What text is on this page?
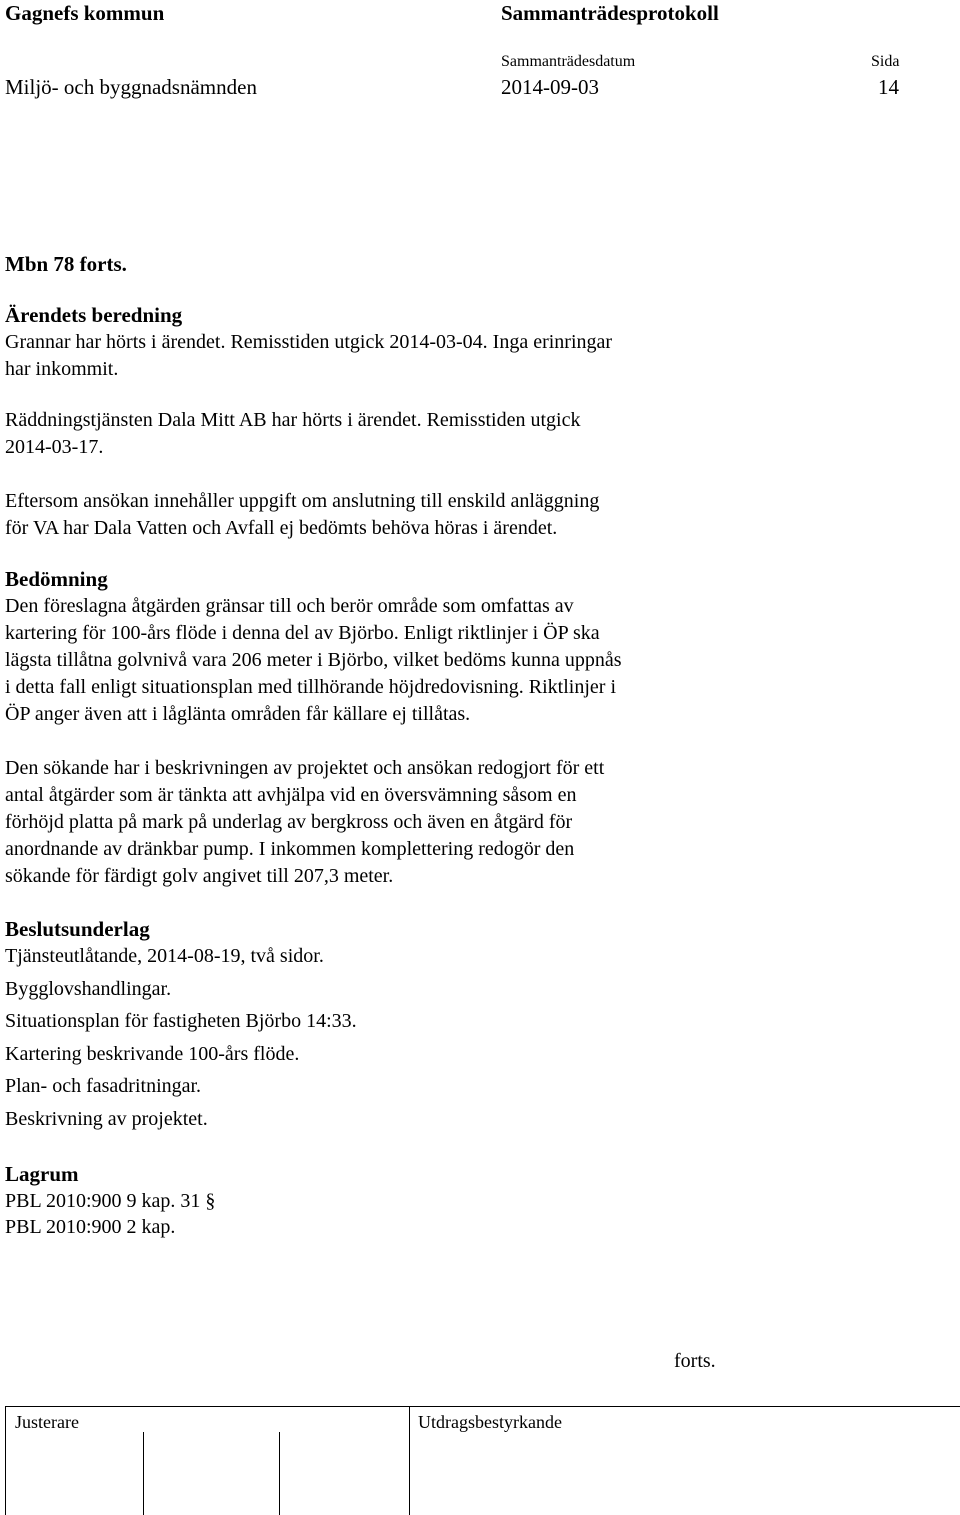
Gagnefs kommun	Sammanträdesprotokoll
Sammanträdesdatum	Sida
Miljö- och byggnadsnämnden	2014-09-03	14
Mbn 78 forts.
Ärendets beredning
Grannar har hörts i ärendet. Remisstiden utgick 2014-03-04. Inga erinringar
har inkommit.
Räddningstjänsten Dala Mitt AB har hörts i ärendet. Remisstiden utgick
2014-03-17.
Eftersom ansökan innehåller uppgift om anslutning till enskild anläggning
för VA har Dala Vatten och Avfall ej bedömts behöva höras i ärendet.
Bedömning
Den föreslagna åtgärden gränsar till och berör område som omfattas av
kartering för 100-års flöde i denna del av Björbo. Enligt riktlinjer i ÖP ska
lägsta tillåtna golvnivå vara 206 meter i Björbo, vilket bedöms kunna uppnås
i detta fall enligt situationsplan med tillhörande höjdredovisning. Riktlinjer i
ÖP anger även att i låglänta områden får källare ej tillåtas.
Den sökande har i beskrivningen av projektet och ansökan redogjort för ett
antal åtgärder som är tänkta att avhjälpa vid en översvämning såsom en
förhöjd platta på mark på underlag av bergkross och även en åtgärd för
anordnande av dränkbar pump. I inkommen komplettering redogör den
sökande för färdigt golv angivet till 207,3 meter.
Beslutsunderlag
Tjänsteutlåtande, 2014-08-19, två sidor.
Bygglovshandlingar.
Situationsplan för fastigheten Björbo 14:33.
Kartering beskrivande 100-års flöde.
Plan- och fasadritningar.
Beskrivning av projektet.
Lagrum
PBL 2010:900 9 kap. 31 §
PBL 2010:900 2 kap.
forts.
Justerare	Utdragsbestyrkande
